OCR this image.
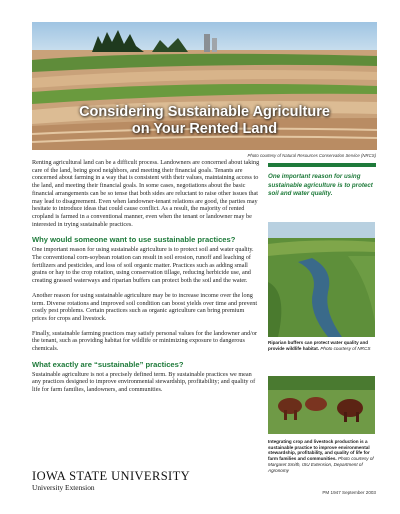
Considering Sustainable Agriculture
on Your Rented Land
Photo courtesy of Natural Resources Conservation Service (NRCS)

Renting agricultural land can be a difficult process. Landowners are concerned about taking care of the land, being good neighbors, and meeting their financial goals. Tenants are concerned about farming in a way that is consistent with their values, maintaining access to the land, and meeting their financial goals. In some cases, negotiations about the basic financial arrangements can be so tense that both sides are reluctant to raise other issues that may lead to disagreement. Even when landowner-tenant relations are good, the parties may hesitate to introduce ideas that could cause conflict. As a result, the majority of rented cropland is farmed in a conventional manner, even when the tenant or landowner may be interested in trying sustainable practices.

Why would someone want to use sustainable practices?

One important reason for using sustainable agriculture is to protect soil and water quality. The conventional corn-soybean rotation can result in soil erosion, runoff and leaching of fertilizers and pesticides, and loss of soil organic matter. Practices such as adding small grains or hay to the crop rotation, using conservation tillage, reducing herbicide use, and creating grassed waterways and riparian buffers can protect both the soil and the water.

Another reason for using sustainable agriculture may be to increase income over the long term. Diverse rotations and improved soil condition can boost yields over time and prevent costly pest problems. Certain practices such as organic agriculture can bring premium prices for crops and livestock.

Finally, sustainable farming practices may satisfy personal values for the landowner and/or the tenant, such as providing habitat for wildlife or minimizing exposure to dangerous chemicals.

What exactly are “sustainable” practices?

Sustainable agriculture is not a precisely defined term. By sustainable practices we mean any practices designed to improve environmental stewardship, profitability; and quality of life for farm families, landowners, and communities.

One important reason for using sustainable agriculture is to protect soil and water quality.
Riparian buffers can protect water quality and provide wildlife habitat. Photo courtesy of NRCS
Integrating crop and livestock production is a sustainable practice to improve environmental stewardship, profitability, and quality of life for farm families and communities. Photo courtesy of Margaret Smith, ISU Extension, Department of Agronomy
IOWA STATE UNIVERSITY
University Extension
PM 1947 September 2003
